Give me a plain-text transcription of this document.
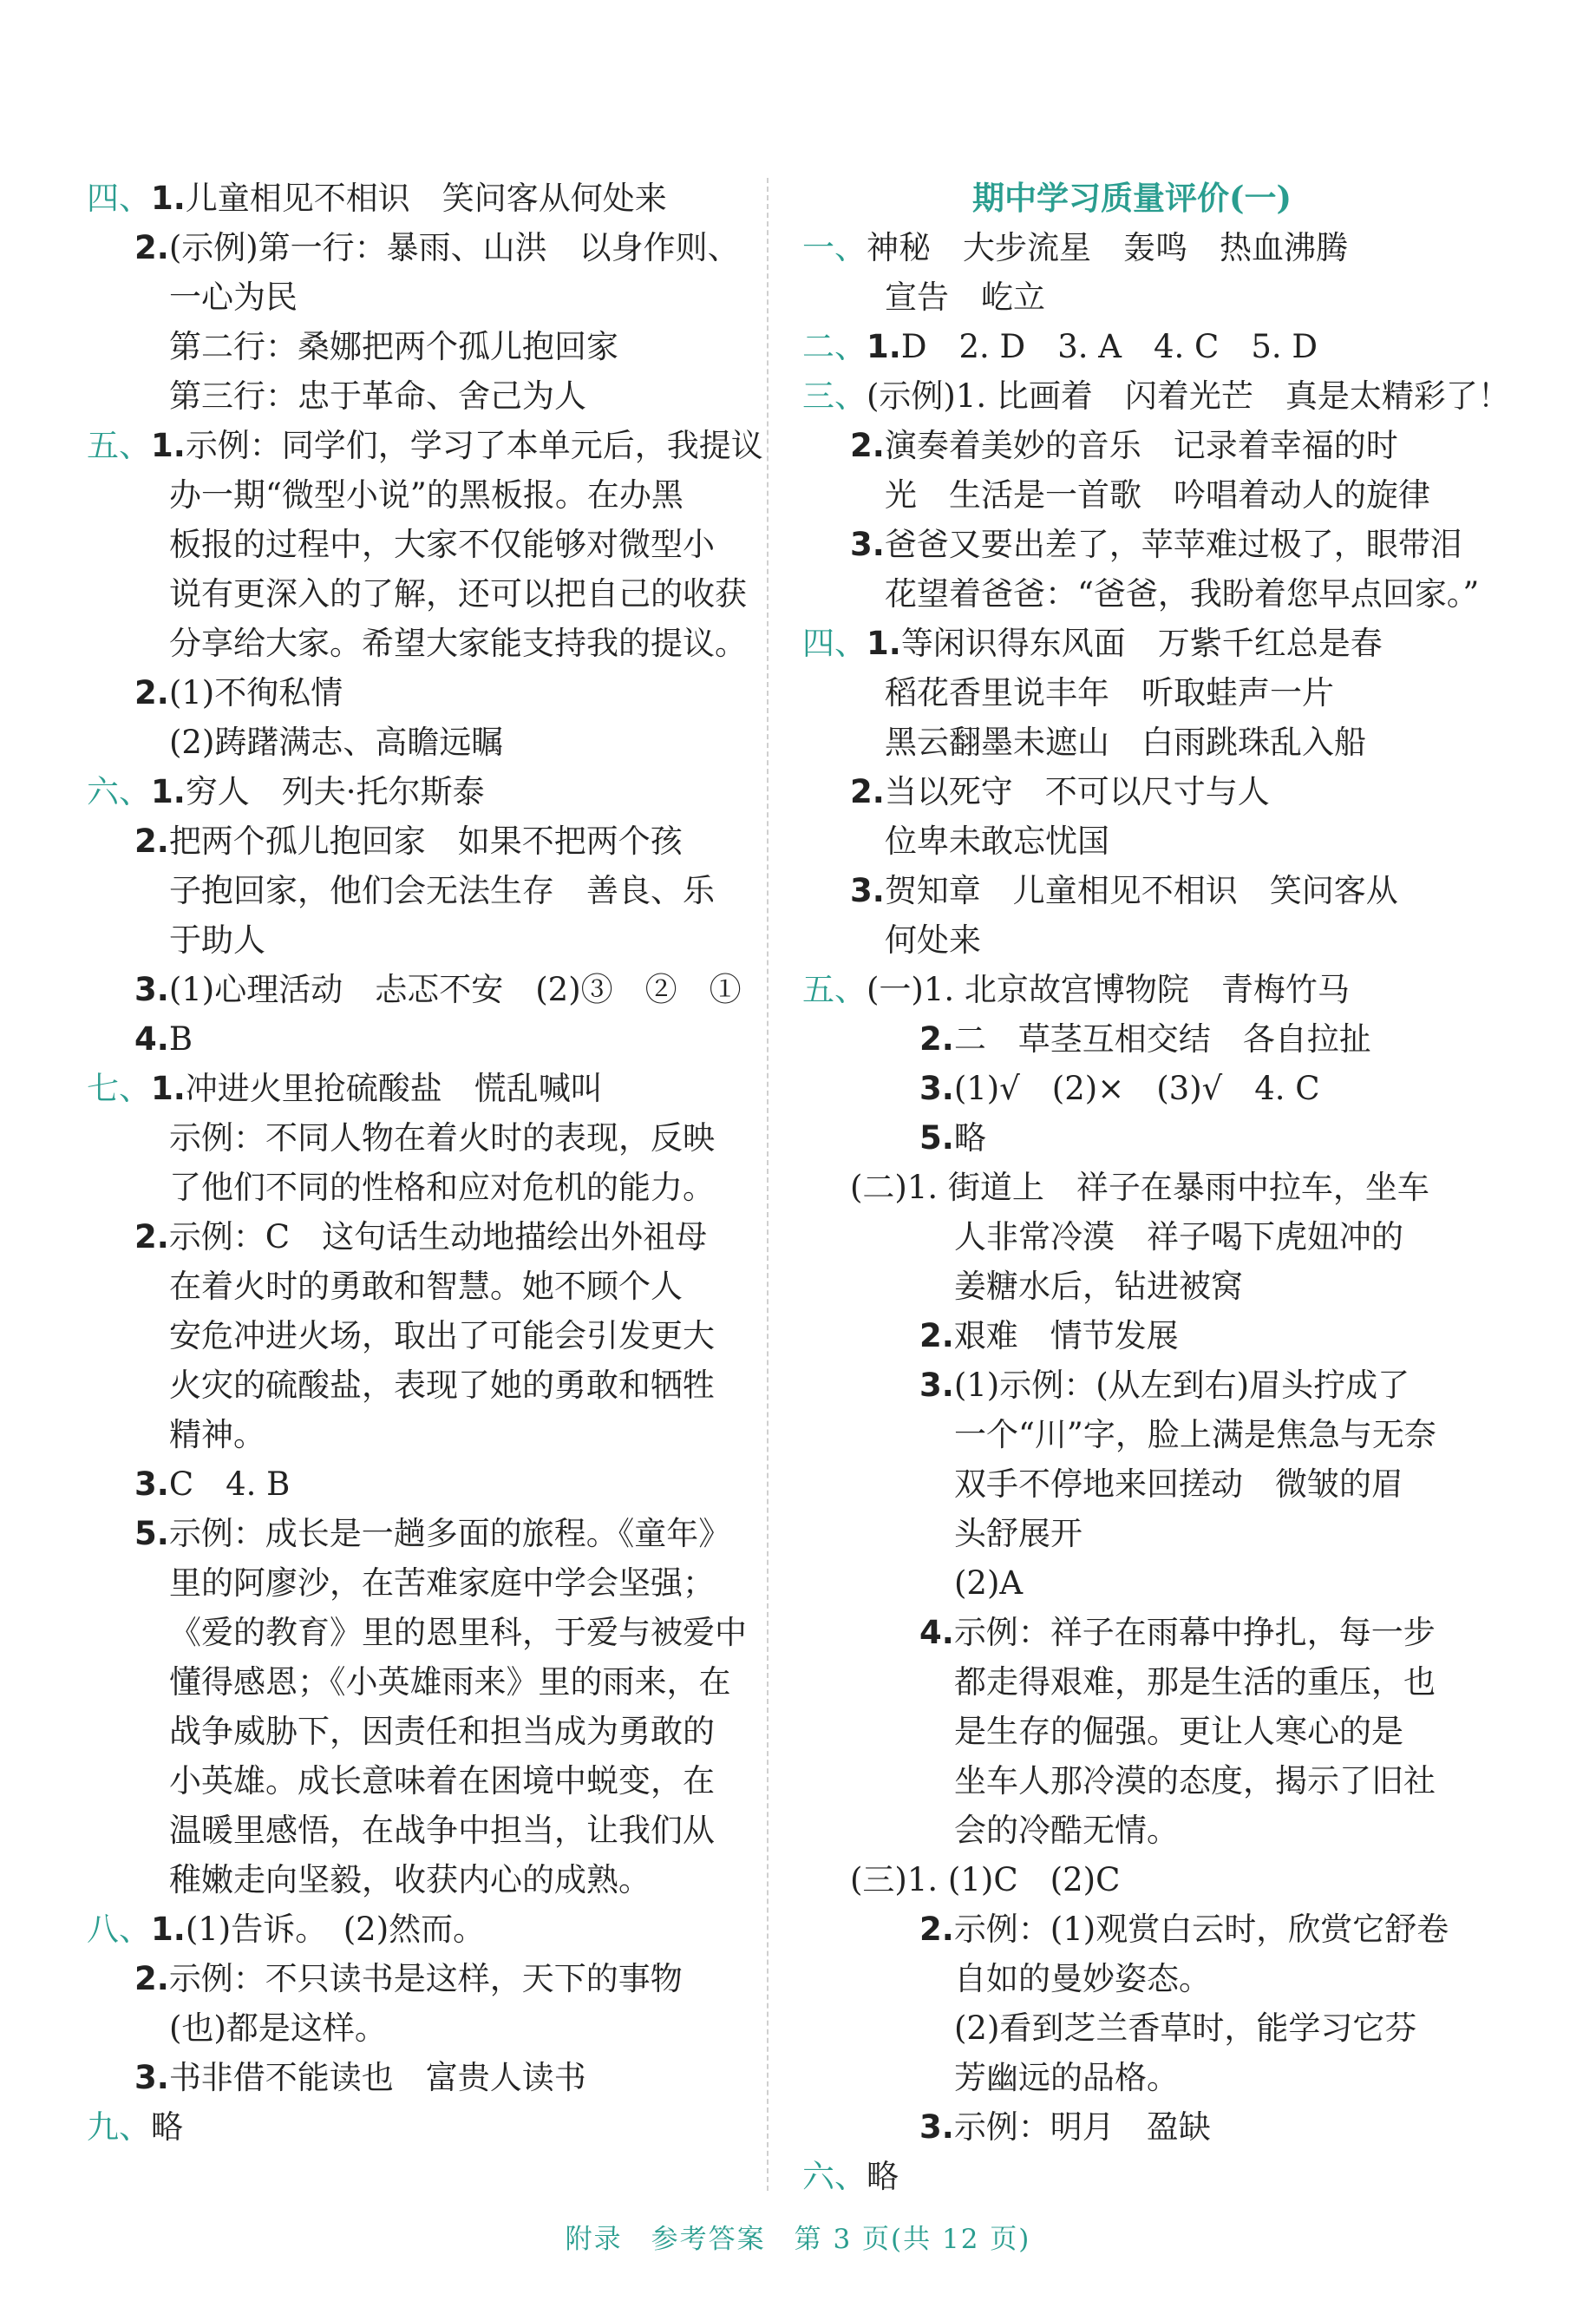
四、1.儿童相见不相识　笑问客从何处来
2.(示例)第一行：暴雨、山洪　以身作则、
一心为民
第二行：桑娜把两个孤儿抱回家
第三行：忠于革命、舍己为人
五、1.示例：同学们，学习了本单元后，我提议
办一期“微型小说”的黑板报。在办黑
板报的过程中，大家不仅能够对微型小
说有更深入的了解，还可以把自己的收获
分享给大家。希望大家能支持我的提议。
2.(1)不徇私情
(2)踌躇满志、高瞻远瞩
六、1.穷人　列夫·托尔斯泰
2.把两个孤儿抱回家　如果不把两个孩
子抱回家，他们会无法生存　善良、乐
于助人
3.(1)心理活动　忐忑不安　(2)③　②　①
4.B
七、1.冲进火里抢硫酸盐　慌乱喊叫
示例：不同人物在着火时的表现，反映
了他们不同的性格和应对危机的能力。
2.示例：C　这句话生动地描绘出外祖母
在着火时的勇敢和智慧。她不顾个人
安危冲进火场，取出了可能会引发更大
火灾的硫酸盐，表现了她的勇敢和牺牲
精神。
3.C　4. B
5.示例：成长是一趟多面的旅程。《童年》
里的阿廖沙，在苦难家庭中学会坚强；
《爱的教育》里的恩里科，于爱与被爱中
懂得感恩；《小英雄雨来》里的雨来，在
战争威胁下，因责任和担当成为勇敢的
小英雄。成长意味着在困境中蜕变，在
温暖里感悟，在战争中担当，让我们从
稚嫩走向坚毅，收获内心的成熟。
八、1.(1)告诉。　(2)然而。
2.示例：不只读书是这样，天下的事物
(也)都是这样。
3.书非借不能读也　富贵人读书
九、略
期中学习质量评价(一)
一、神秘　大步流星　轰鸣　热血沸腾
宣告　屹立
二、1.D　2. D　3. A　4. C　5. D
三、(示例)1. 比画着　闪着光芒　真是太精彩了！
2.演奏着美妙的音乐　记录着幸福的时
光　生活是一首歌　吟唱着动人的旋律
3.爸爸又要出差了，苹苹难过极了，眼带泪
花望着爸爸：“爸爸，我盼着您早点回家。”
四、1.等闲识得东风面　万紫千红总是春
稻花香里说丰年　听取蛙声一片
黑云翻墨未遮山　白雨跳珠乱入船
2.当以死守　不可以尺寸与人
位卑未敢忘忧国
3.贺知章　儿童相见不相识　笑问客从
何处来
五、(一)1. 北京故宫博物院　青梅竹马
2.二　草茎互相交结　各自拉扯
3.(1)√　(2)×　(3)√　4. C
5.略
(二)1. 街道上　祥子在暴雨中拉车，坐车
人非常冷漠　祥子喝下虎妞冲的
姜糖水后，钻进被窝
2.艰难　情节发展
3.(1)示例：(从左到右)眉头拧成了
一个“川”字，脸上满是焦急与无奈
双手不停地来回搓动　微皱的眉
头舒展开
(2)A
4.示例：祥子在雨幕中挣扎，每一步
都走得艰难，那是生活的重压，也
是生存的倔强。更让人寒心的是
坐车人那冷漠的态度，揭示了旧社
会的冷酷无情。
(三)1. (1)C　(2)C
2.示例：(1)观赏白云时，欣赏它舒卷
自如的曼妙姿态。
(2)看到芝兰香草时，能学习它芬
芳幽远的品格。
3.示例：明月　盈缺
六、略
附录　参考答案　第 3 页(共 12 页)
